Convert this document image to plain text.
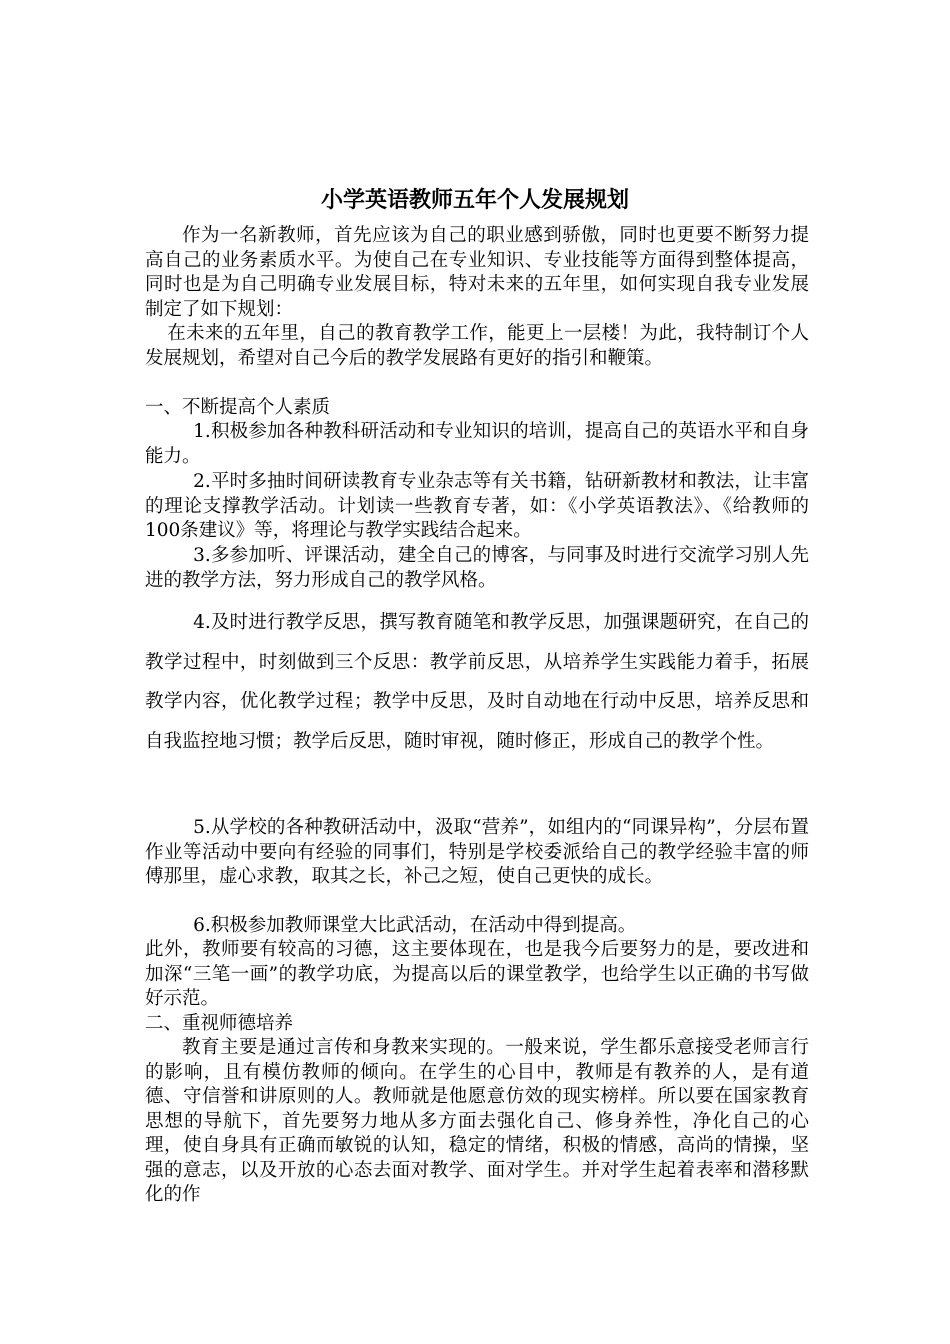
小学英语教师五年个人发展规划

作为一名新教师，首先应该为自己的职业感到骄傲，同时也更要不断努力提高自己的业务素质水平。为使自己在专业知识、专业技能等方面得到整体提高，同时也是为自己明确专业发展目标，特对未来的五年里，如何实现自我专业发展制定了如下规划：

在未来的五年里，自己的教育教学工作，能更上一层楼！为此，我特制订个人发展规划，希望对自己今后的教学发展路有更好的指引和鞭策。

一、不断提高个人素质

1.积极参加各种教科研活动和专业知识的培训，提高自己的英语水平和自身能力。

2.平时多抽时间研读教育专业杂志等有关书籍，钻研新教材和教法，让丰富的理论支撑教学活动。计划读一些教育专著，如：《小学英语教法》、《给教师的100条建议》等，将理论与教学实践结合起来。

3.多参加听、评课活动，建全自己的博客，与同事及时进行交流学习别人先进的教学方法，努力形成自己的教学风格。

4.及时进行教学反思，撰写教育随笔和教学反思，加强课题研究，在自己的教学过程中，时刻做到三个反思：教学前反思，从培养学生实践能力着手，拓展教学内容，优化教学过程；教学中反思，及时自动地在行动中反思，培养反思和自我监控地习惯；教学后反思，随时审视，随时修正，形成自己的教学个性。

5.从学校的各种教研活动中，汲取“营养”，如组内的“同课异构”，分层布置作业等活动中要向有经验的同事们，特别是学校委派给自己的教学经验丰富的师傅那里，虚心求教，取其之长，补己之短，使自己更快的成长。

6.积极参加教师课堂大比武活动，在活动中得到提高。

此外，教师要有较高的习德，这主要体现在，也是我今后要努力的是，要改进和加深“三笔一画”的教学功底，为提高以后的课堂教学，也给学生以正确的书写做好示范。

二、重视师德培养

教育主要是通过言传和身教来实现的。一般来说，学生都乐意接受老师言行的影响，且有模仿教师的倾向。在学生的心目中，教师是有教养的人，是有道德、守信誉和讲原则的人。教师就是他愿意仿效的现实榜样。所以要在国家教育思想的导航下，首先要努力地从多方面去强化自己、修身养性，净化自己的心理，使自身具有正确而敏锐的认知，稳定的情绪，积极的情感，高尚的情操，坚强的意志，以及开放的心态去面对教学、面对学生。并对学生起着表率和潜移默化的作
